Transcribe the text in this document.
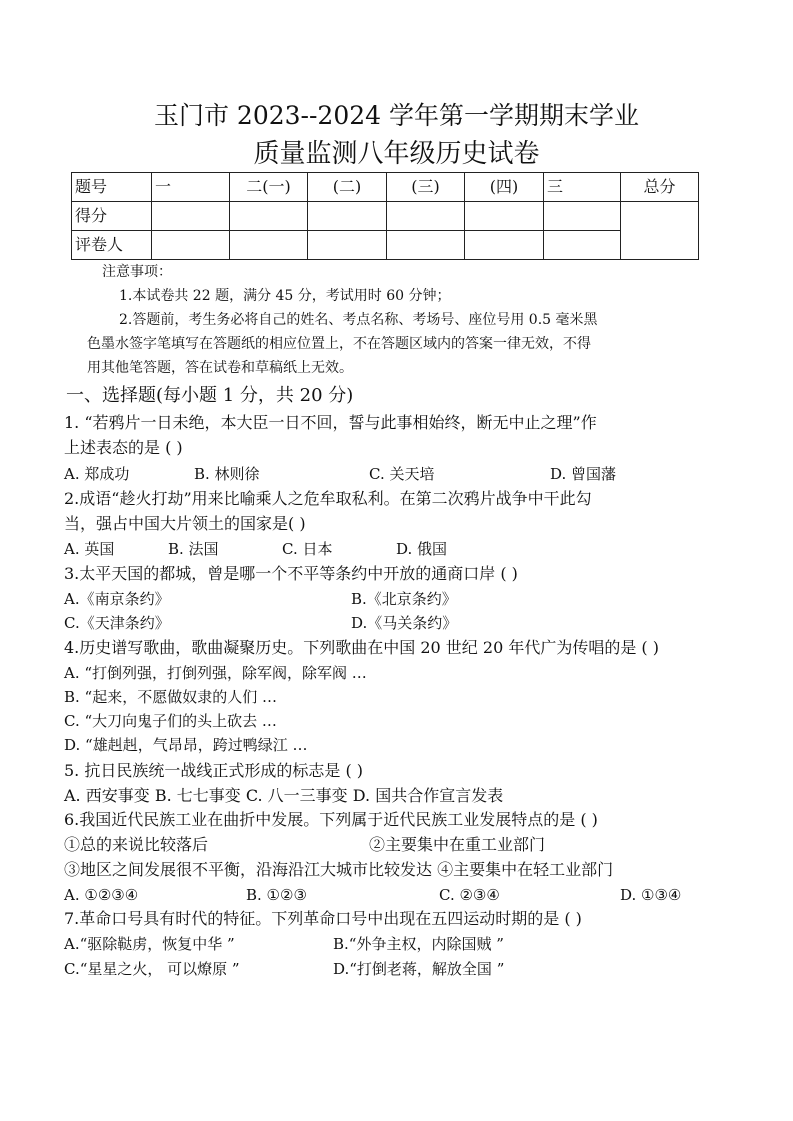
玉门市 2023--2024 学年第一学期期末学业
质量监测八年级历史试卷
题号	一	二(一)	(二)	(三)	(四)	三	总分
得分							
评卷人							
注意事项：
1.本试卷共 22 题，满分 45 分，考试用时 60 分钟；
2.答题前，考生务必将自己的姓名、考点名称、考场号、座位号用 0.5 毫米黑
色墨水签字笔填写在答题纸的相应位置上，不在答题区域内的答案一律无效，不得
用其他笔答题，答在试卷和草稿纸上无效。
一、选择题(每小题 1 分，共 20 分)
1. “若鸦片一日未绝，本大臣一日不回，誓与此事相始终，断无中止之理”作
上述表态的是 ( )
A. 郑成功	B. 林则徐	C. 关天培	D. 曾国藩
2.成语“趁火打劫”用来比喻乘人之危牟取私利。在第二次鸦片战争中干此勾
当，强占中国大片领土的国家是( )
A. 英国	B. 法国	C. 日本	D. 俄国
3.太平天国的都城，曾是哪一个不平等条约中开放的通商口岸 ( )
A.《南京条约》	B.《北京条约》
C.《天津条约》	D.《马关条约》
4.历史谱写歌曲，歌曲凝聚历史。下列歌曲在中国 20 世纪 20 年代广为传唱的是 ( )
A. “打倒列强，打倒列强，除军阀，除军阀 …
B. “起来，不愿做奴隶的人们 …
C. “大刀向鬼子们的头上砍去 …
D. “雄赳赳，气昂昂，跨过鸭绿江 …
5. 抗日民族统一战线正式形成的标志是 ( )
A. 西安事变 B. 七七事变 C. 八一三事变 D. 国共合作宣言发表
6.我国近代民族工业在曲折中发展。下列属于近代民族工业发展特点的是 ( )
①总的来说比较落后	②主要集中在重工业部门
③地区之间发展很不平衡，沿海沿江大城市比较发达 ④主要集中在轻工业部门
A. ①②③④	B. ①②③	C. ②③④	D. ①③④
7.革命口号具有时代的特征。下列革命口号中出现在五四运动时期的是 ( )
A.“驱除鞑虏，恢复中华 ”	B.“外争主权，内除国贼 ”
C.“星星之火， 可以燎原 ”	D.“打倒老蒋，解放全国 ”
